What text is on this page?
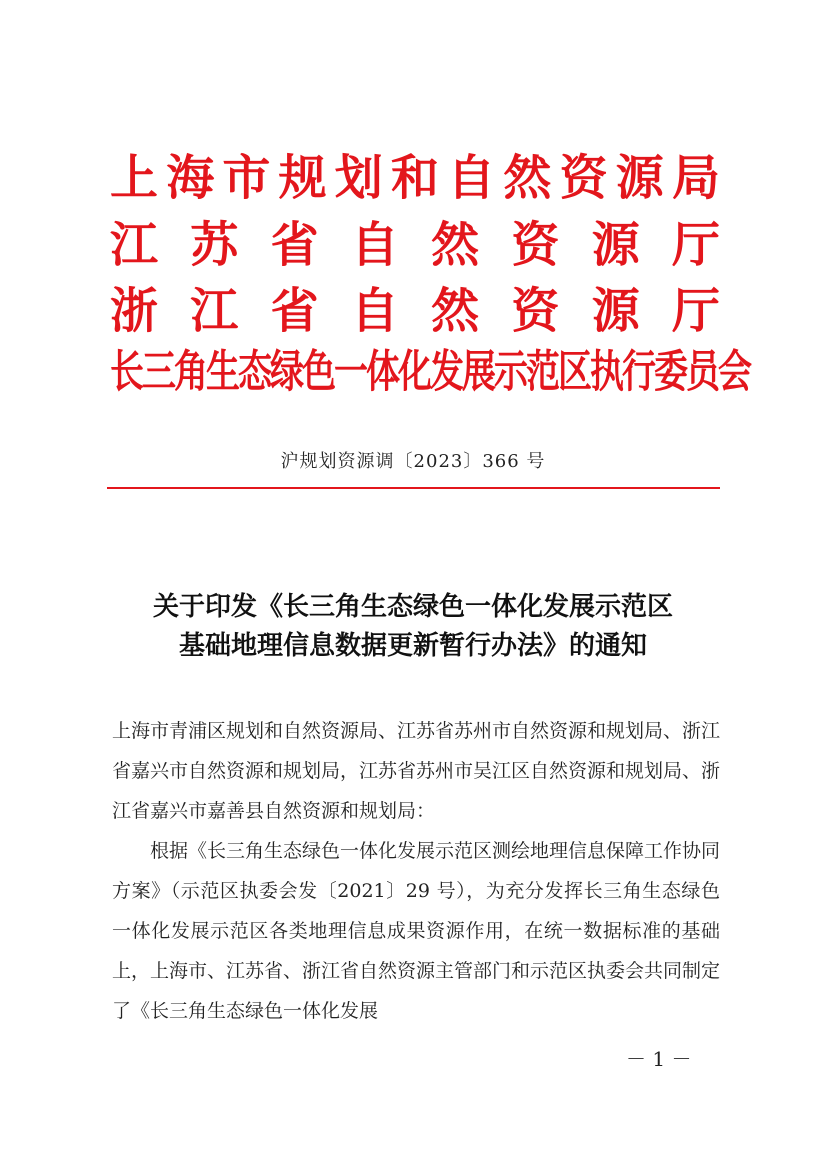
上海市规划和自然资源局
江苏省自然资源厅
浙江省自然资源厅
长三角生态绿色一体化发展示范区执行委员会
沪规划资源调〔2023〕366 号
关于印发《长三角生态绿色一体化发展示范区
基础地理信息数据更新暂行办法》的通知

上海市青浦区规划和自然资源局、江苏省苏州市自然资源和规划局、浙江省嘉兴市自然资源和规划局，江苏省苏州市吴江区自然资源和规划局、浙江省嘉兴市嘉善县自然资源和规划局：

根据《长三角生态绿色一体化发展示范区测绘地理信息保障工作协同方案》（示范区执委会发〔2021〕29 号），为充分发挥长三角生态绿色一体化发展示范区各类地理信息成果资源作用，在统一数据标准的基础上，上海市、江苏省、浙江省自然资源主管部门和示范区执委会共同制定了《长三角生态绿色一体化发展

－ 1 －
